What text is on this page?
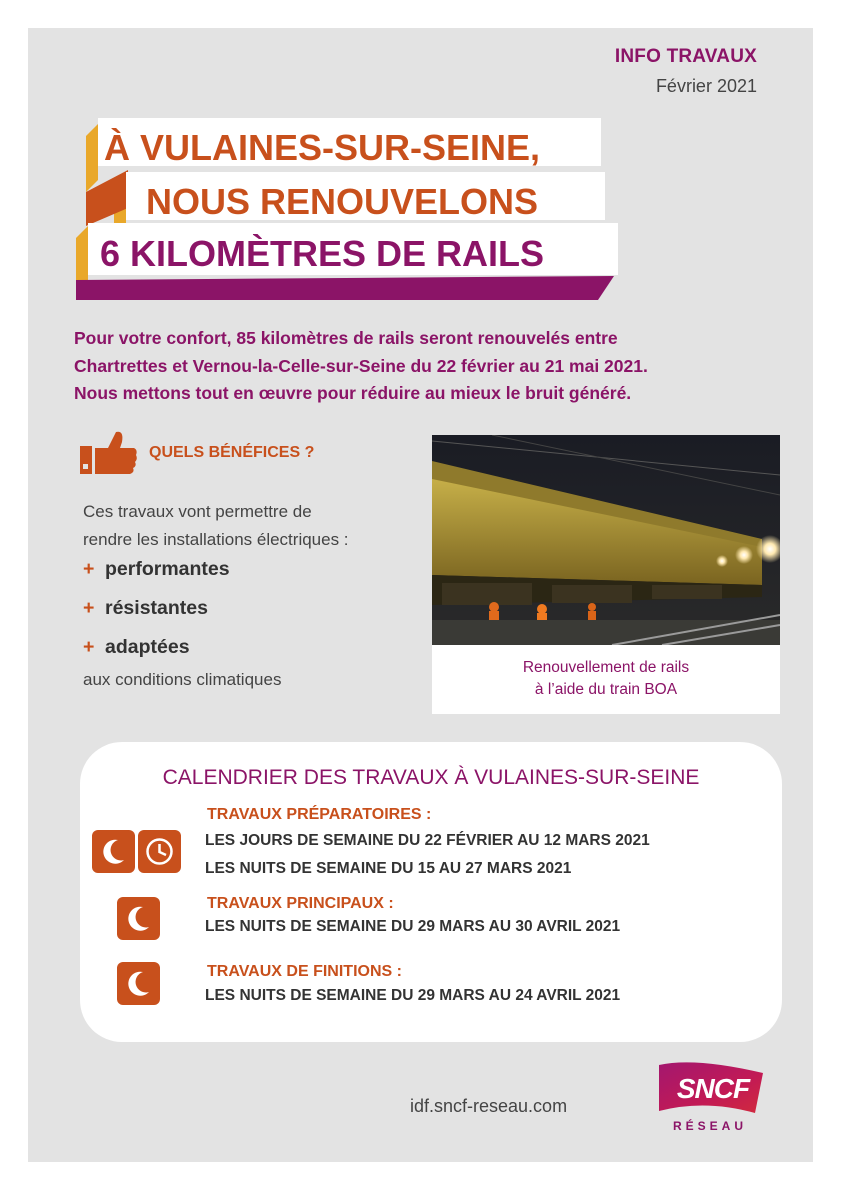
INFO TRAVAUX
Février 2021
À VULAINES-SUR-SEINE,
NOUS RENOUVELONS
6 KILOMÈTRES DE RAILS
Pour votre confort, 85 kilomètres de rails seront renouvelés entre
Chartrettes et Vernou-la-Celle-sur-Seine du 22 février au 21 mai 2021.
Nous mettons tout en œuvre pour réduire au mieux le bruit généré.
QUELS BÉNÉFICES ?
Ces travaux vont permettre de
rendre les installations électriques :
+ performantes
+ résistantes
+ adaptées
aux conditions climatiques
Renouvellement de rails
à l’aide du train BOA
CALENDRIER DES TRAVAUX À VULAINES-SUR-SEINE
TRAVAUX PRÉPARATOIRES :
LES JOURS DE SEMAINE DU 22 FÉVRIER AU 12 MARS 2021
LES NUITS DE SEMAINE DU 15 AU 27 MARS 2021
TRAVAUX PRINCIPAUX :
LES NUITS DE SEMAINE DU 29 MARS AU 30 AVRIL 2021
TRAVAUX DE FINITIONS :
LES NUITS DE SEMAINE DU 29 MARS AU 24 AVRIL 2021
idf.sncf-reseau.com
SNCF
RÉSEAU
